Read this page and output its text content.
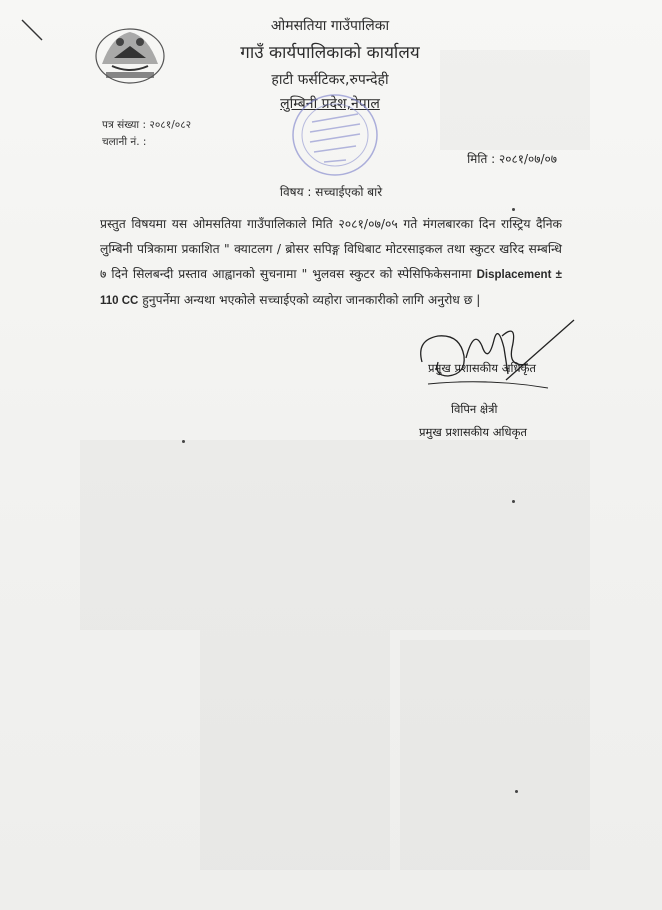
ओमसतिया गाउँपालिका
गाउँ कार्यपालिकाको कार्यालय
हाटी फर्सटिकर,रुपन्देही
लुम्बिनी प्रदेश,नेपाल
पत्र संख्या : २०८१/०८२
चलानी नं. :
मिति : २०८१/०७/०७
विषय : सच्चाईएको बारे
प्रस्तुत विषयमा यस ओमसतिया गाउँपालिकाले मिति २०८१/०७/०५ गते मंगलबारका दिन रास्ट्रिय दैनिक लुम्बिनी पत्रिकामा प्रकाशित " क्याटलग / ब्रोसर सपिङ्ग विधिबाट मोटरसाइकल तथा स्कुटर खरिद सम्बन्धि ७ दिने सिलबन्दी प्रस्ताव आह्वानको सुचनामा " भुलवस स्कुटर को स्पेसिफिकेसनामा Displacement ± 110 CC हुनुपर्नेमा अन्यथा भएकोले सच्चाईएको व्यहोरा जानकारीको लागि अनुरोध छ |
प्रमुख प्रशासकीय अधिकृत
विपिन क्षेत्री
प्रमुख प्रशासकीय अधिकृत
